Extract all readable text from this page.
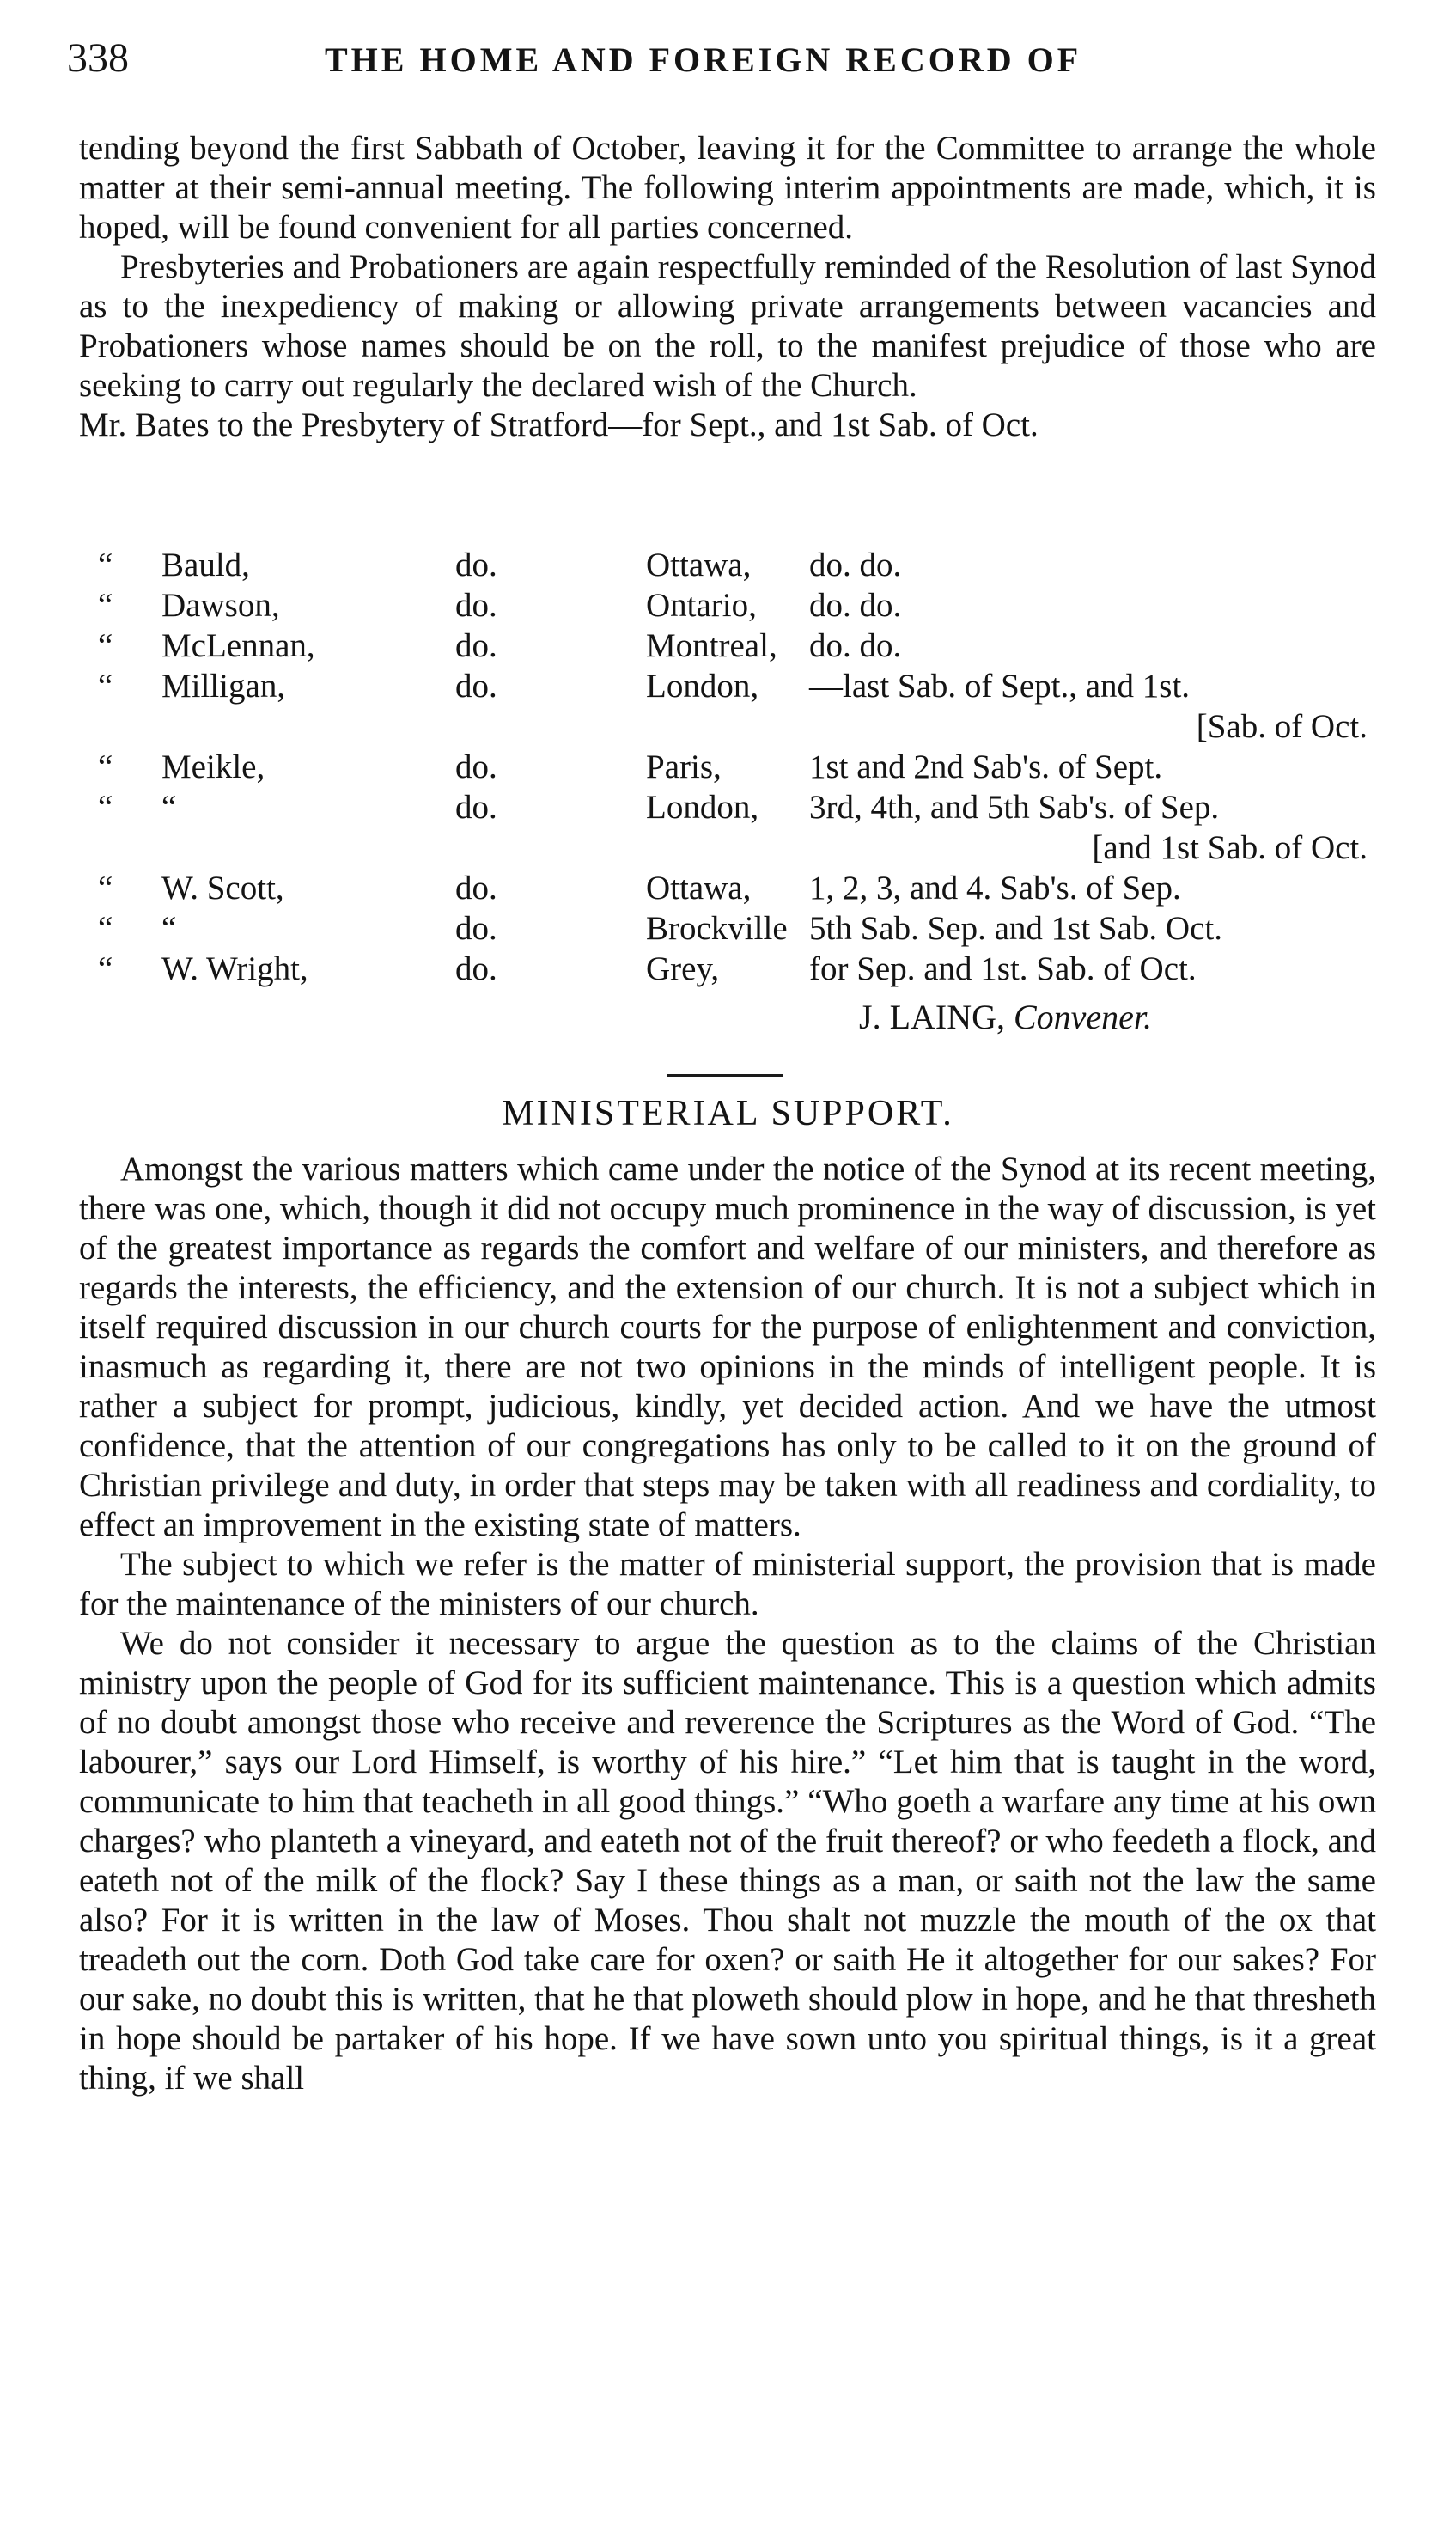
338	THE HOME AND FOREIGN RECORD OF

tending beyond the first Sabbath of October, leaving it for the Committee to arrange the whole matter at their semi-annual meeting. The following interim appointments are made, which, it is hoped, will be found convenient for all parties concerned.

Presbyteries and Probationers are again respectfully reminded of the Resolution of last Synod as to the inexpediency of making or allowing private arrangements between vacancies and Probationers whose names should be on the roll, to the manifest prejudice of those who are seeking to carry out regularly the declared wish of the Church.

Mr. Bates to the Presbytery of Stratford—for Sept., and 1st Sab. of Oct.

“ Bauld,	do.	Ottawa, do. do.
“ Dawson,	do.	Ontario, do. do.
“ McLennan,	do.	Montreal, do. do.
“ Milligan,	do.	London, —last Sab. of Sept., and 1st.
[Sab. of Oct.
“ Meikle,	do.	Paris,	1st and 2nd Sab's. of Sept.
“ “	do.	London, 3rd, 4th, and 5th Sab's. of Sep.
[and 1st Sab. of Oct.
“ W. Scott,	do.	Ottawa, 1, 2, 3, and 4. Sab's. of Sep.
“ “	do.	Brockville 5th Sab. Sep. and 1st Sab. Oct.
“ W. Wright,	do.	Grey,	for Sep. and 1st. Sab. of Oct.
J. LAING, Convener.
MINISTERIAL SUPPORT.

Amongst the various matters which came under the notice of the Synod at its recent meeting, there was one, which, though it did not occupy much prominence in the way of discussion, is yet of the greatest importance as regards the comfort and welfare of our ministers, and therefore as regards the interests, the efficiency, and the extension of our church. It is not a subject which in itself required discussion in our church courts for the purpose of enlightenment and conviction, inasmuch as regarding it, there are not two opinions in the minds of intelligent people. It is rather a subject for prompt, judicious, kindly, yet decided action. And we have the utmost confidence, that the attention of our congregations has only to be called to it on the ground of Christian privilege and duty, in order that steps may be taken with all readiness and cordiality, to effect an improvement in the existing state of matters.

The subject to which we refer is the matter of ministerial support, the provision that is made for the maintenance of the ministers of our church.

We do not consider it necessary to argue the question as to the claims of the Christian ministry upon the people of God for its sufficient maintenance. This is a question which admits of no doubt amongst those who receive and reverence the Scriptures as the Word of God. “The labourer,” says our Lord Himself, is worthy of his hire.” “Let him that is taught in the word, communicate to him that teacheth in all good things.” “Who goeth a warfare any time at his own charges? who planteth a vineyard, and eateth not of the fruit thereof? or who feedeth a flock, and eateth not of the milk of the flock? Say I these things as a man, or saith not the law the same also? For it is written in the law of Moses. Thou shalt not muzzle the mouth of the ox that treadeth out the corn. Doth God take care for oxen? or saith He it altogether for our sakes? For our sake, no doubt this is written, that he that ploweth should plow in hope, and he that thresheth in hope should be partaker of his hope. If we have sown unto you spiritual things, is it a great thing, if we shall
